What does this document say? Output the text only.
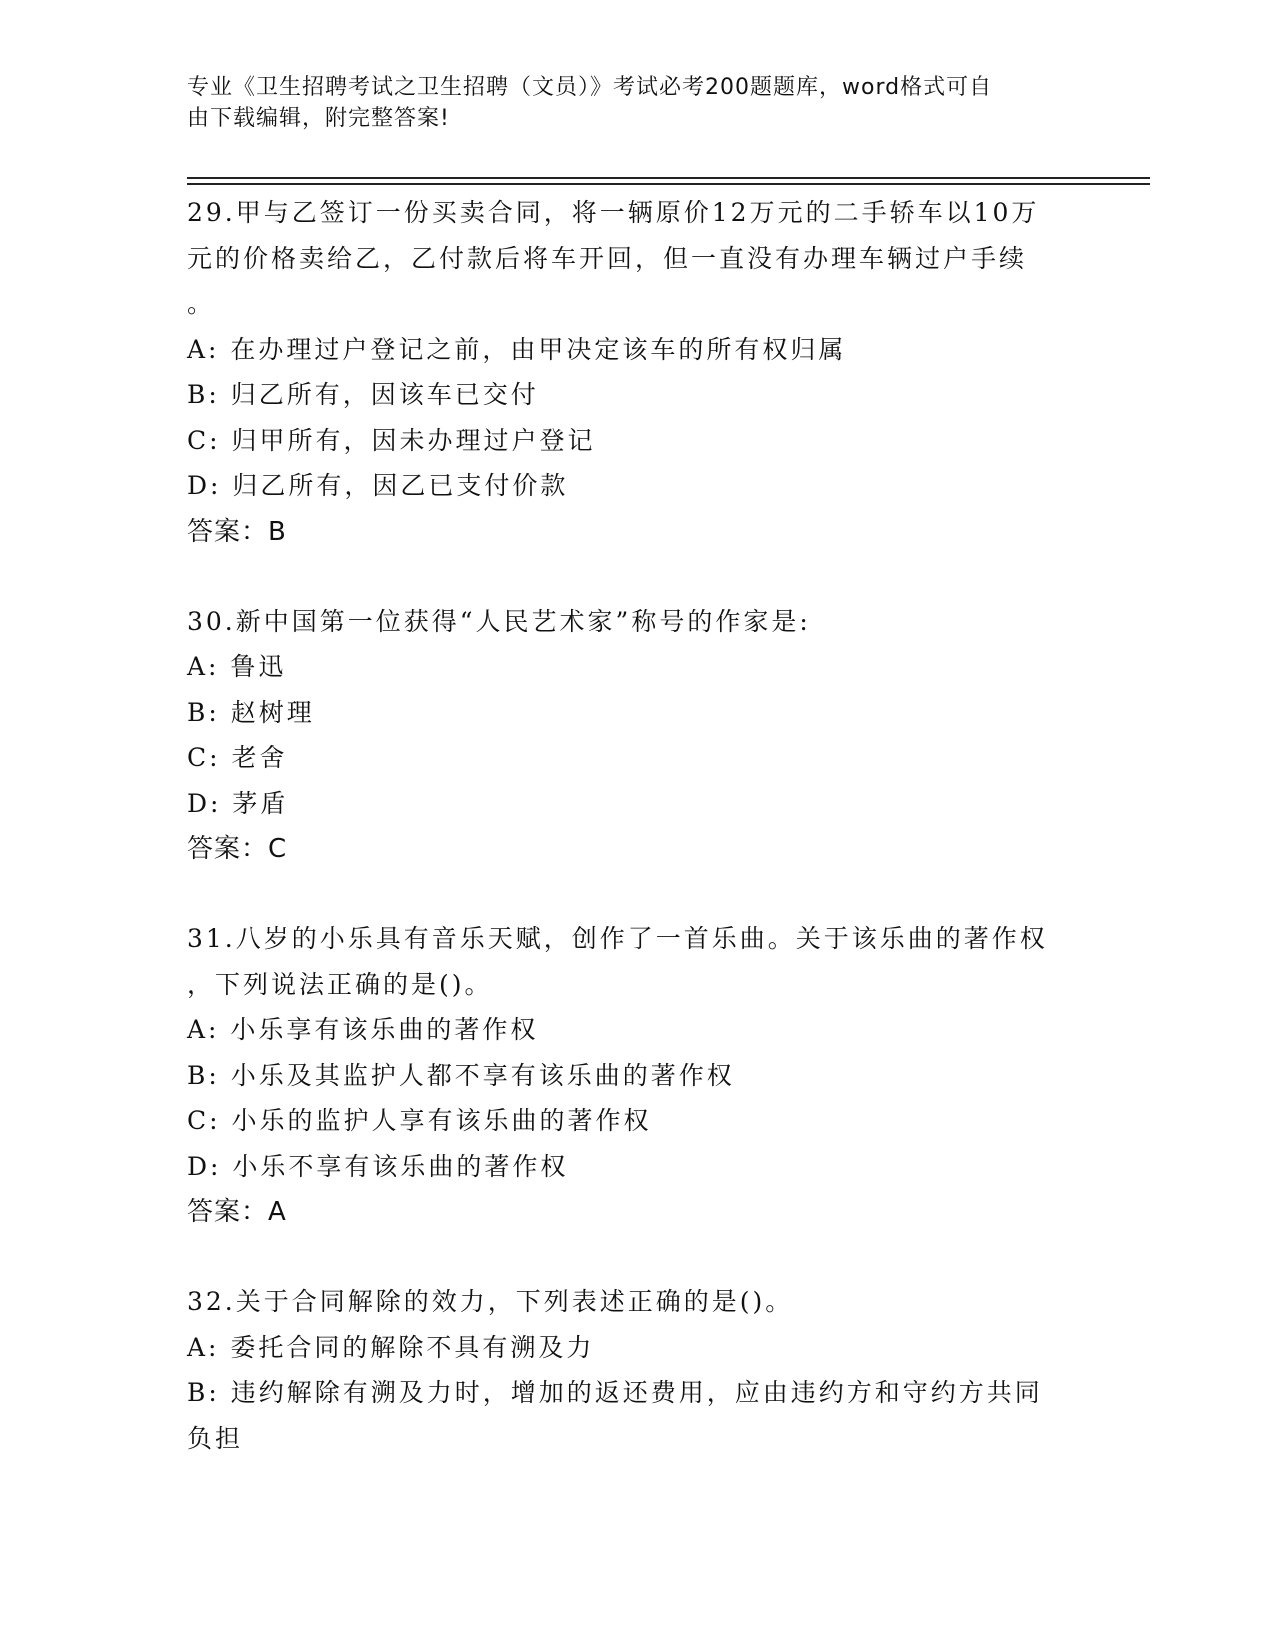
专业《卫生招聘考试之卫生招聘（文员）》考试必考200题题库，word格式可自
由下载编辑，附完整答案!

29.甲与乙签订一份买卖合同，将一辆原价12万元的二手轿车以10万

元的价格卖给乙，乙付款后将车开回，但一直没有办理车辆过户手续

。

A: 在办理过户登记之前，由甲决定该车的所有权归属

B: 归乙所有，因该车已交付

C: 归甲所有，因未办理过户登记

D: 归乙所有，因乙已支付价款

答案：B

30.新中国第一位获得“人民艺术家”称号的作家是:

A: 鲁迅

B: 赵树理

C: 老舍

D: 茅盾

答案：C

31.八岁的小乐具有音乐天赋，创作了一首乐曲。关于该乐曲的著作权

，下列说法正确的是()。

A: 小乐享有该乐曲的著作权

B: 小乐及其监护人都不享有该乐曲的著作权

C: 小乐的监护人享有该乐曲的著作权

D: 小乐不享有该乐曲的著作权

答案：A

32.关于合同解除的效力，下列表述正确的是()。

A: 委托合同的解除不具有溯及力

B: 违约解除有溯及力时，增加的返还费用，应由违约方和守约方共同

负担
